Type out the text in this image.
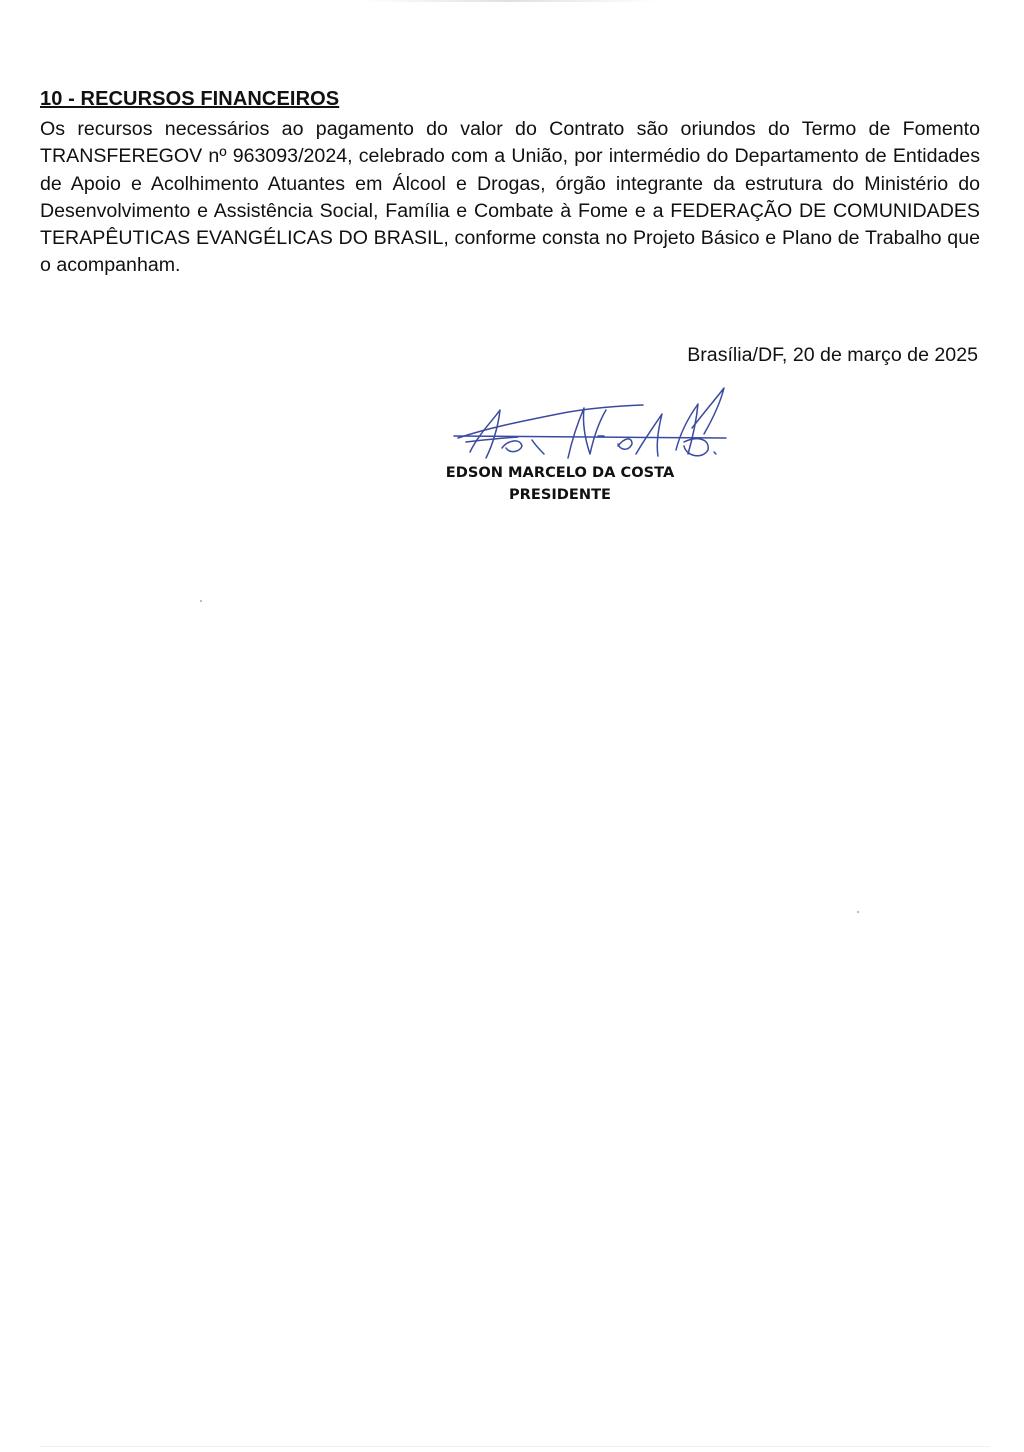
10 - RECURSOS FINANCEIROS

Os recursos necessários ao pagamento do valor do Contrato são oriundos do Termo de Fomento TRANSFEREGOV nº 963093/2024, celebrado com a União, por intermédio do Departamento de Entidades de Apoio e Acolhimento Atuantes em Álcool e Drogas, órgão integrante da estrutura do Ministério do Desenvolvimento e Assistência Social, Família e Combate à Fome e a FEDERAÇÃO DE COMUNIDADES TERAPÊUTICAS EVANGÉLICAS DO BRASIL, conforme consta no Projeto Básico e Plano de Trabalho que o acompanham.

Brasília/DF, 20 de março de 2025

EDSON MARCELO DA COSTA
PRESIDENTE
